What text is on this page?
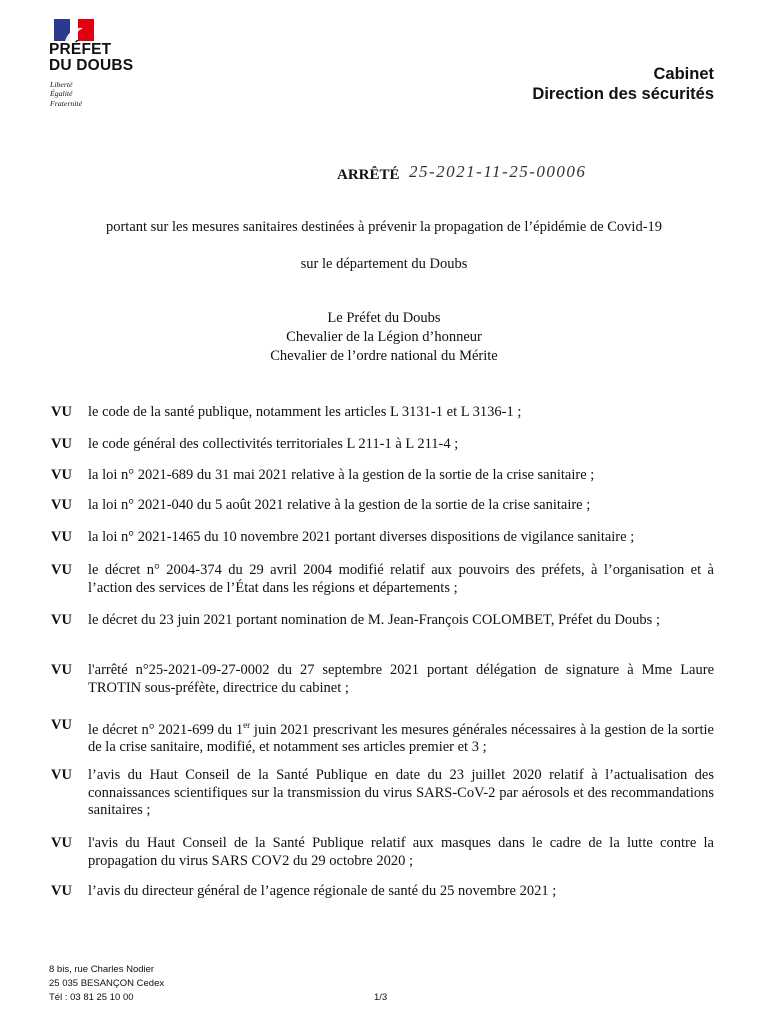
PRÉFET
DU DOUBS
Liberté
Égalité
Fraternité
Cabinet
Direction des sécurités
ARRÊTÉ 25-2021-11-25-00006
portant sur les mesures sanitaires destinées à prévenir la propagation de l’épidémie de Covid-19
sur le département du Doubs
Le Préfet du Doubs
Chevalier de la Légion d’honneur
Chevalier de l’ordre national du Mérite
VU le code de la santé publique, notamment les articles L 3131-1 et L 3136-1 ;
VU le code général des collectivités territoriales L 211-1 à L 211-4 ;
VU la loi n° 2021-689 du 31 mai 2021 relative à la gestion de la sortie de la crise sanitaire ;
VU la loi n° 2021-040 du 5 août 2021 relative à la gestion de la sortie de la crise sanitaire ;
VU la loi n° 2021-1465 du 10 novembre 2021 portant diverses dispositions de vigilance sanitaire ;
VU le décret n° 2004-374 du 29 avril 2004 modifié relatif aux pouvoirs des préfets, à l’organisation et à l’action des services de l’État dans les régions et départements ;
VU le décret du 23 juin 2021 portant nomination de M. Jean-François COLOMBET, Préfet du Doubs ;
VU l'arrêté n°25-2021-09-27-0002 du 27 septembre 2021 portant délégation de signature à Mme Laure TROTIN sous-préfète, directrice du cabinet ;
VU le décret n° 2021-699 du 1er juin 2021 prescrivant les mesures générales nécessaires à la gestion de la sortie de la crise sanitaire, modifié, et notamment ses articles premier et 3 ;
VU l’avis du Haut Conseil de la Santé Publique en date du 23 juillet 2020 relatif à l’actualisation des connaissances scientifiques sur la transmission du virus SARS-CoV-2 par aérosols et des recommandations sanitaires ;
VU l'avis du Haut Conseil de la Santé Publique relatif aux masques dans le cadre de la lutte contre la propagation du virus SARS COV2 du 29 octobre 2020 ;
VU l’avis du directeur général de l’agence régionale de santé du 25 novembre 2021 ;
8 bis, rue Charles Nodier
25 035 BESANÇON Cedex
Tél : 03 81 25 10 00	1/3
